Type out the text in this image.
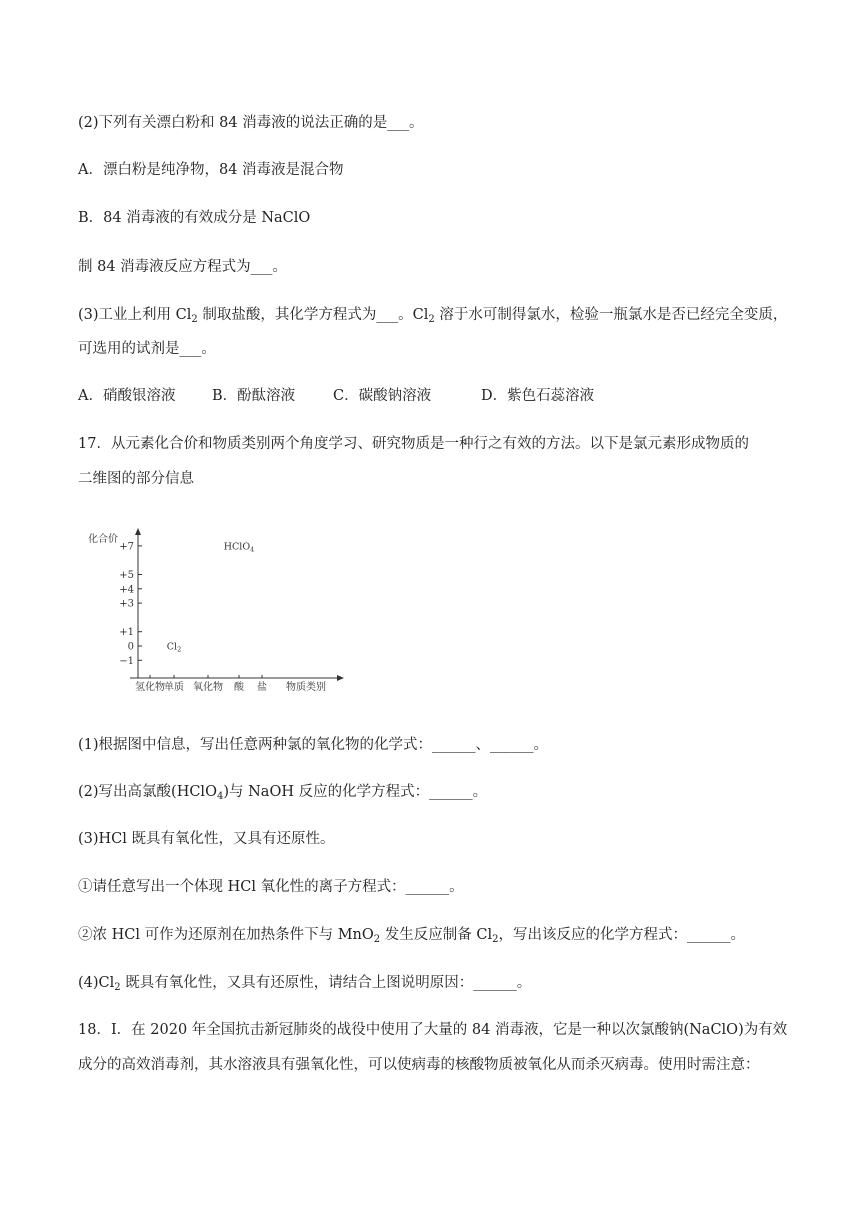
(2)下列有关漂白粉和 84 消毒液的说法正确的是___。
A．漂白粉是纯净物，84 消毒液是混合物
B．84 消毒液的有效成分是 NaClO
制 84 消毒液反应方程式为___。
(3)工业上利用 $Cl_2$ 制取盐酸，其化学方程式为___。$Cl_2$ 溶于水可制得氯水，检验一瓶氯水是否已经完全变质，
可选用的试剂是___。
A．硝酸银溶液	B．酚酞溶液	C．碳酸钠溶液	D．紫色石蕊溶液
17．从元素化合价和物质类别两个角度学习、研究物质是一种行之有效的方法。以下是氯元素形成物质的
二维图的部分信息
化合价
物质类别
+7
+5
+4
+3
+1
0
−1
氢化物 单质 氧化物 酸 盐
HClO$_4$
$Cl_2$
(1)根据图中信息，写出任意两种氯的氧化物的化学式：______、______。
(2)写出高氯酸(HClO$_4$)与 NaOH 反应的化学方程式：______。
(3)HCl 既具有氧化性，又具有还原性。
①请任意写出一个体现 HCl 氧化性的离子方程式：______。
②浓 HCl 可作为还原剂在加热条件下与 MnO$_2$ 发生反应制备 $Cl_2$，写出该反应的化学方程式：______。
$(4)Cl_2$ 既具有氧化性，又具有还原性，请结合上图说明原因：______。
18．I．在 2020 年全国抗击新冠肺炎的战役中使用了大量的 84 消毒液，它是一种以次氯酸钠(NaClO)为有效
成分的高效消毒剂，其水溶液具有强氧化性，可以使病毒的核酸物质被氧化从而杀灭病毒。使用时需注意：
